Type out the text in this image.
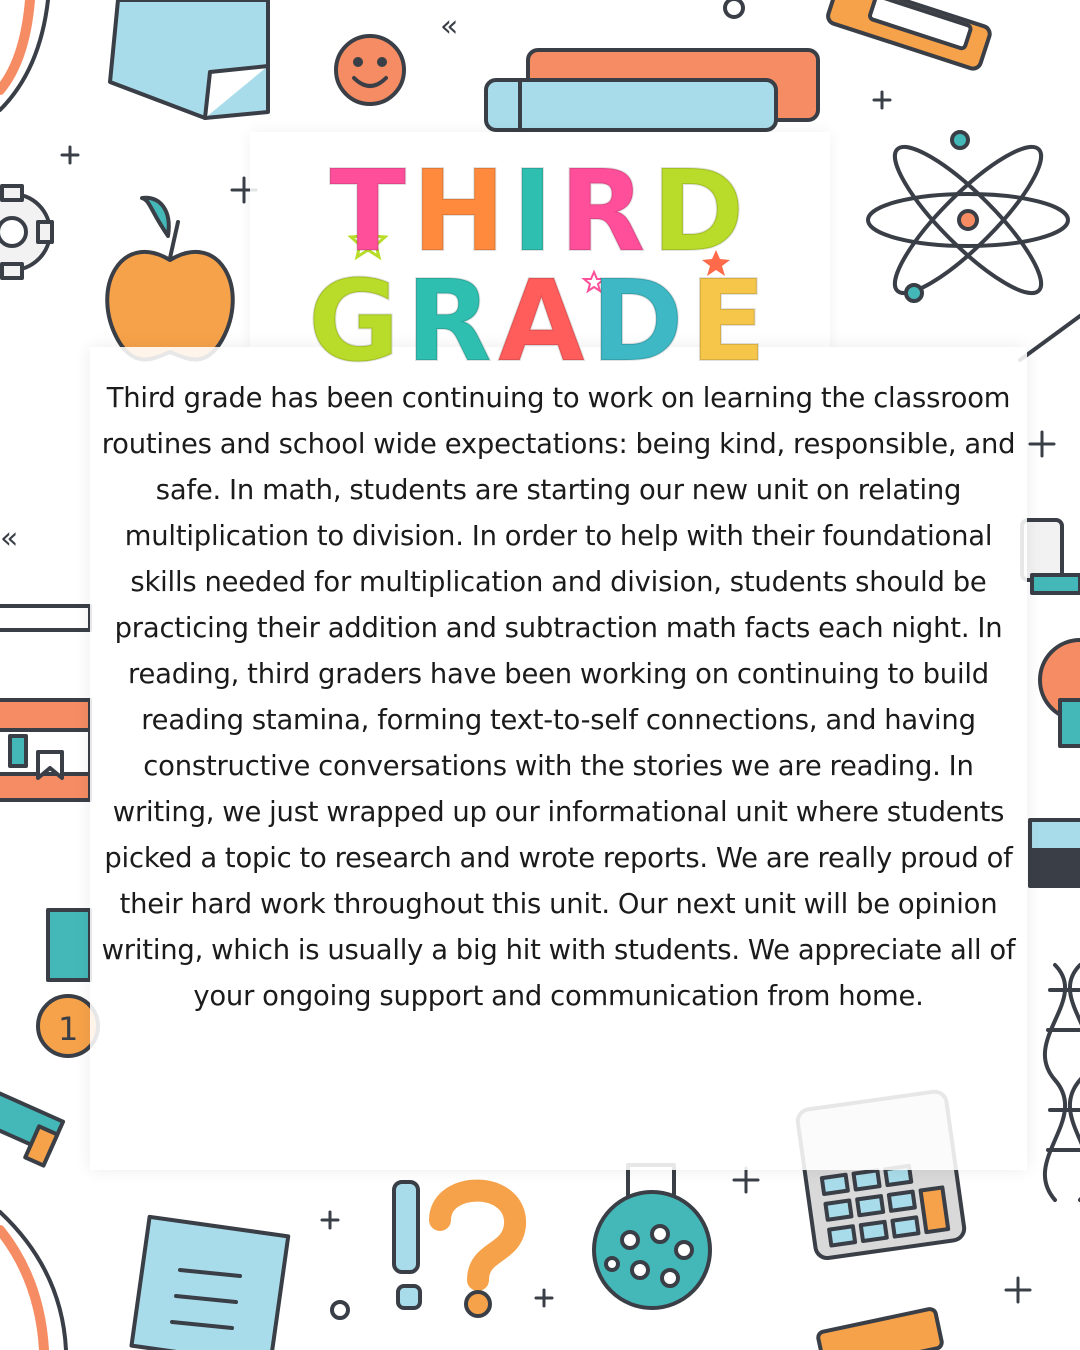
1
«
«
THIRD
GRADE

Third grade has been continuing to work on learning the classroom routines and school wide expectations: being kind, responsible, and safe. In math, students are starting our new unit on relating multiplication to division. In order to help with their foundational skills needed for multiplication and division, students should be practicing their addition and subtraction math facts each night. In reading, third graders have been working on continuing to build reading stamina, forming text-to-self connections, and having constructive conversations with the stories we are reading. In writing, we just wrapped up our informational unit where students picked a topic to research and wrote reports. We are really proud of their hard work throughout this unit. Our next unit will be opinion writing, which is usually a big hit with students. We appreciate all of your ongoing support and communication from home.
